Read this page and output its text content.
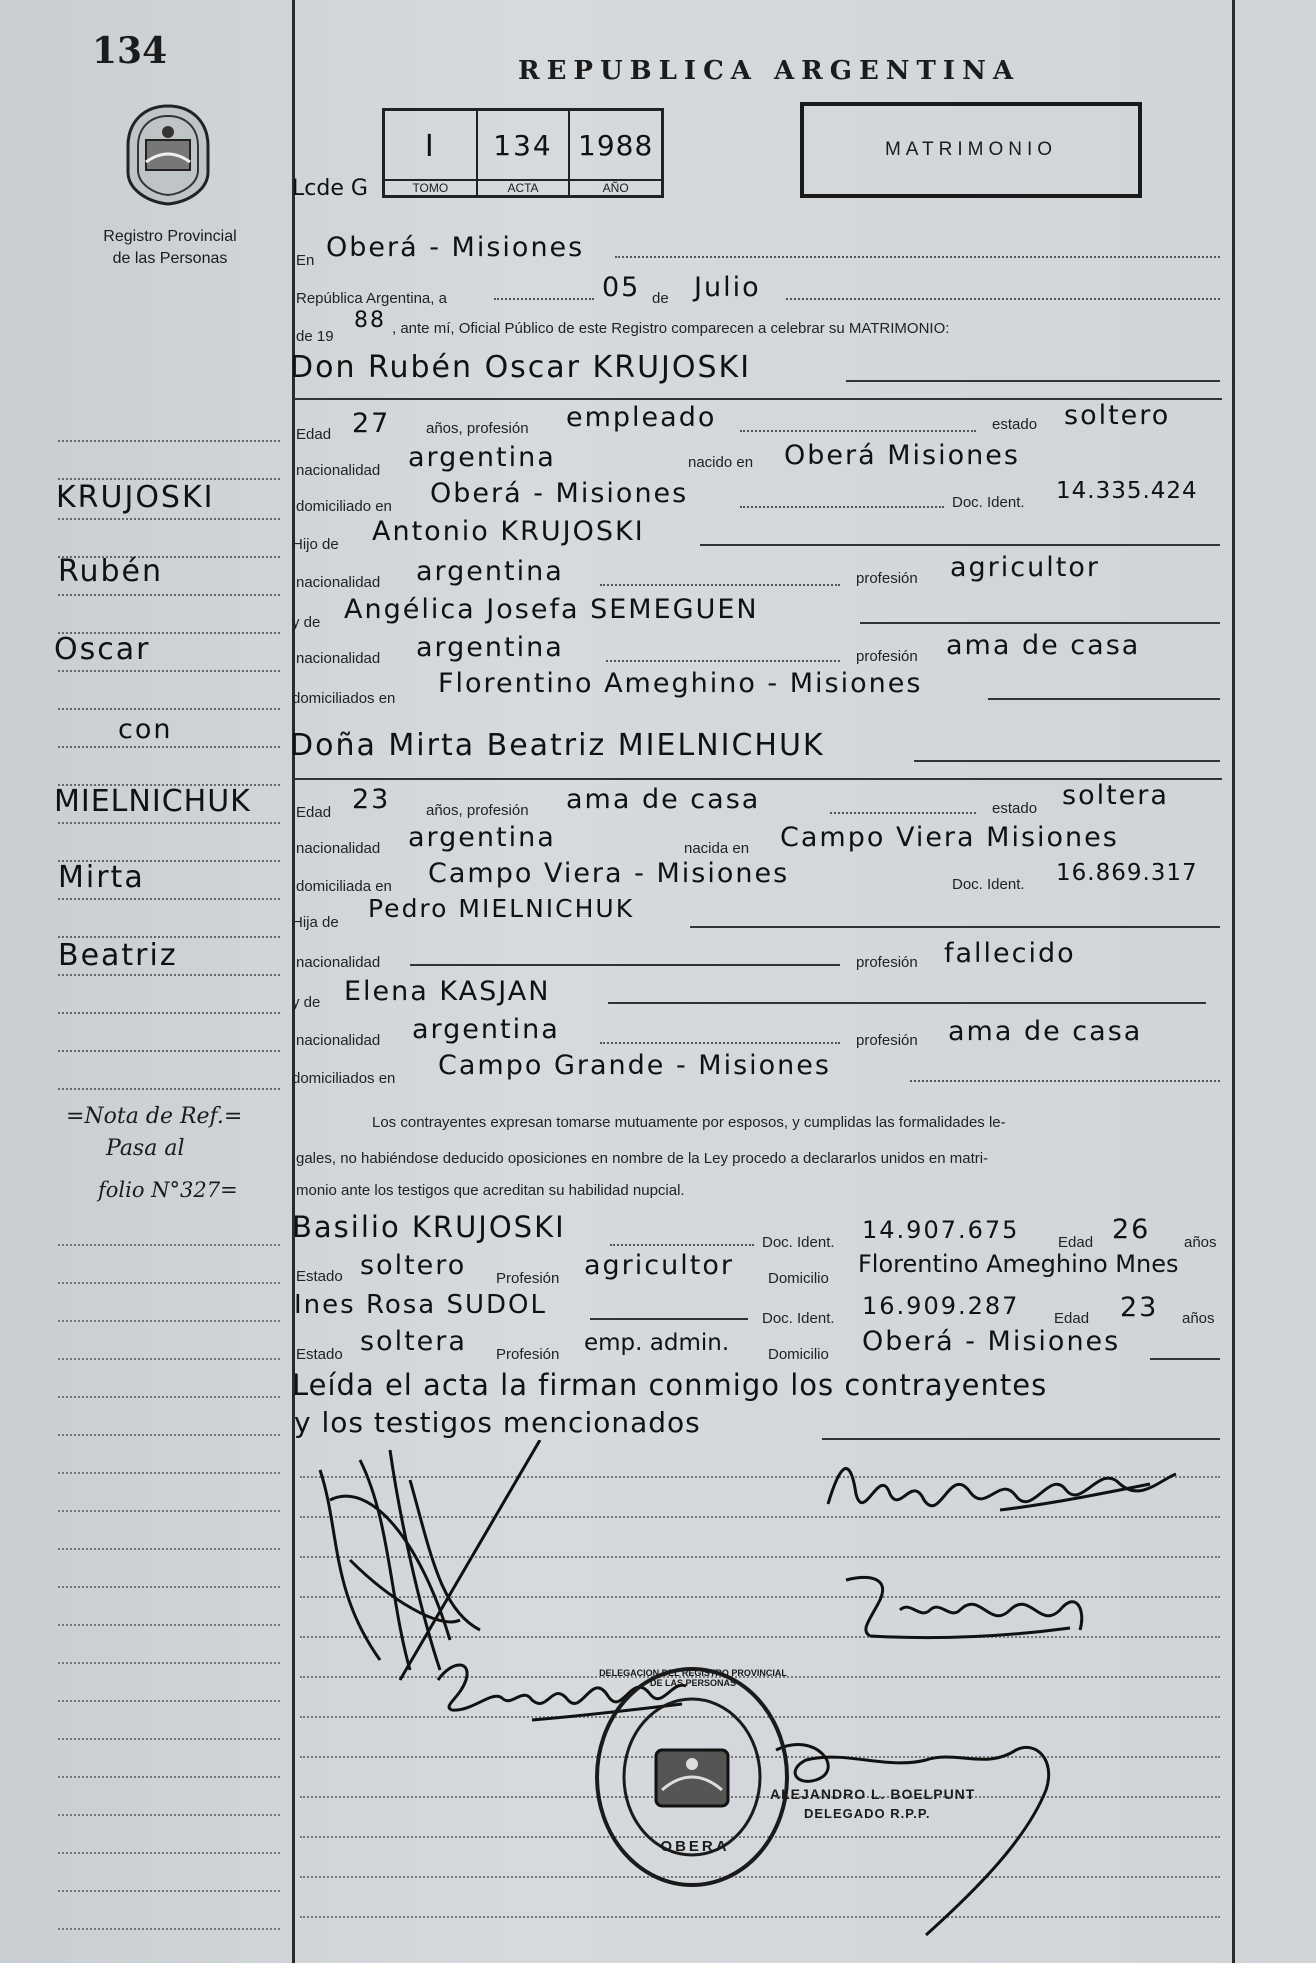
134
Registro Provincial
de las Personas
REPUBLICA ARGENTINA
I
TOMO
134
ACTA
1988
AÑO
Lcde G
MATRIMONIO
En Oberá - Misiones
República Argentina, a	05 de Julio
de 19
88 , ante mí, Oficial Público de este Registro comparecen a celebrar su MATRIMONIO:
Don Rubén Oscar KRUJOSKI
Edad 27 años, profesión empleado	estado soltero
nacionalidad argentina	nacido en Oberá Misiones
domiciliado en Oberá - Misiones	Doc. Ident. 14.335.424
Hijo de Antonio KRUJOSKI
nacionalidad argentina	profesión agricultor
y de Angélica Josefa SEMEGUEN
nacionalidad argentina	profesión ama de casa
domiciliados en Florentino Ameghino - Misiones
Doña Mirta Beatriz MIELNICHUK
Edad 23 años, profesión ama de casa	estado soltera
nacionalidad argentina	nacida en Campo Viera Misiones
domiciliada en Campo Viera - Misiones	Doc. Ident. 16.869.317
Hija de Pedro MIELNICHUK
nacionalidad	profesión fallecido
y de Elena KASJAN
nacionalidad argentina	profesión ama de casa
domiciliados en Campo Grande - Misiones
Los contrayentes expresan tomarse mutuamente por esposos, y cumplidas las formalidades le-
gales, no habiéndose deducido oposiciones en nombre de la Ley procedo a declararlos unidos en matri-
monio ante los testigos que acreditan su habilidad nupcial.
Basilio KRUJOSKI	Doc. Ident. 14.907.675	Edad 26 años
Estado soltero Profesión agricultor Domicilio
Florentino Ameghino Mnes
Ines Rosa SUDOL	Doc. Ident. 16.909.287 Edad 23 años
Estado soltera Profesión emp. admin.	Domicilio Oberá - Misiones
Leída el acta la firman conmigo los contrayentes
y los testigos mencionados
KRUJOSKI
Rubén
Oscar
con
MIELNICHUK
Mirta
Beatriz
=Nota de Ref.=
Pasa al
folio N°327=
DELEGACION DEL REGISTRO PROVINCIAL DE LAS PERSONAS
OBERA
ALEJANDRO L. BOELPUNT
DELEGADO R.P.P.
